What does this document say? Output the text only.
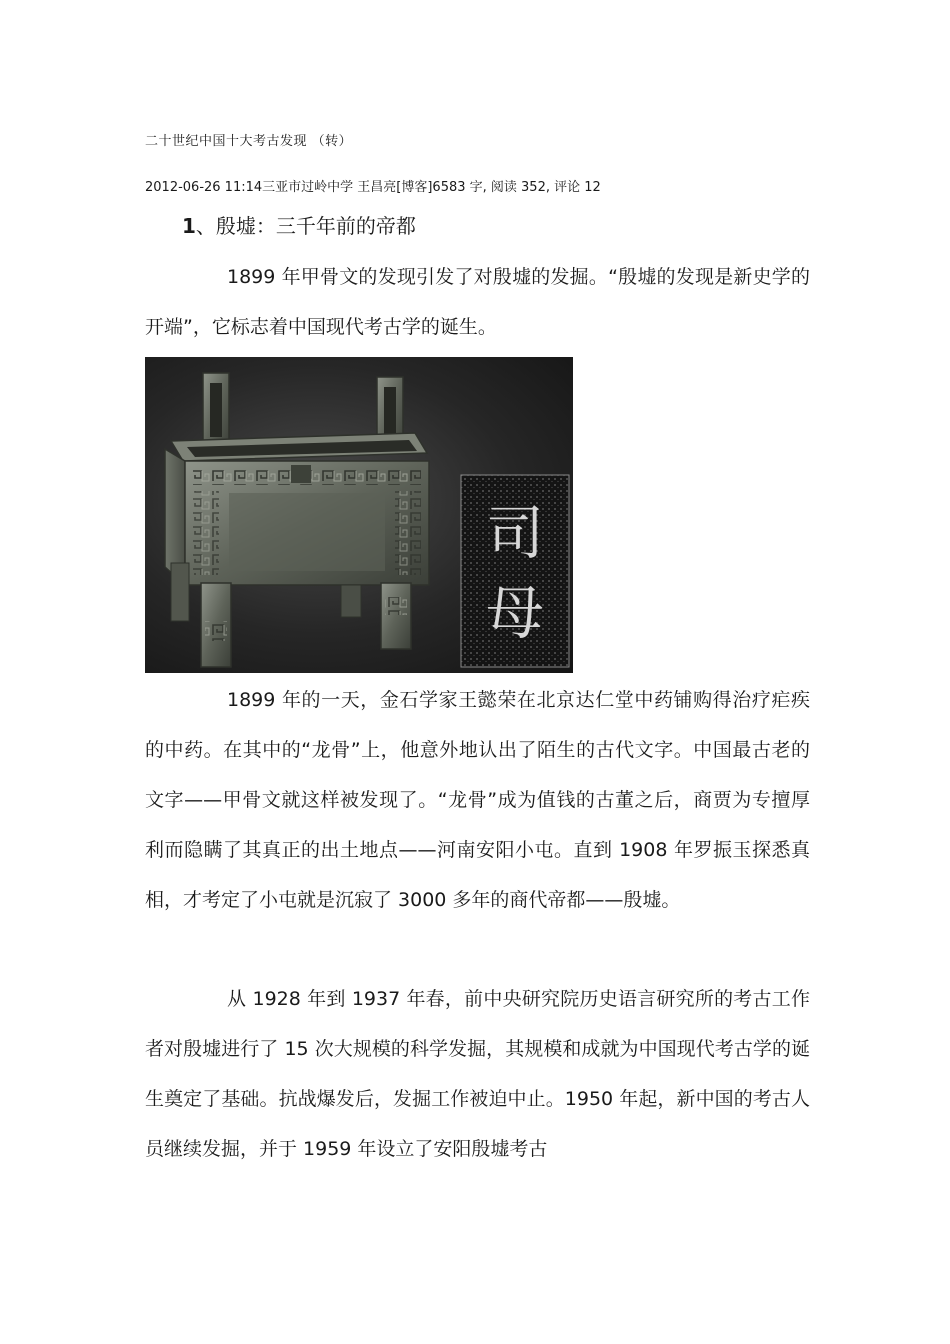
二十世纪中国十大考古发现 （转）
2012-06-26 11:14三亚市过岭中学 王昌亮[博客]6583 字, 阅读 352, 评论 12
1、殷墟：三千年前的帝都

1899 年甲骨文的发现引发了对殷墟的发掘。“殷墟的发现是新史学的开端”，它标志着中国现代考古学的诞生。

司
母

1899 年的一天，金石学家王懿荣在北京达仁堂中药铺购得治疗疟疾的中药。在其中的“龙骨”上，他意外地认出了陌生的古代文字。中国最古老的文字——甲骨文就这样被发现了。“龙骨”成为值钱的古董之后，商贾为专擅厚利而隐瞒了其真正的出土地点——河南安阳小屯。直到 1908 年罗振玉探悉真相，才考定了小屯就是沉寂了 3000 多年的商代帝都——殷墟。

从 1928 年到 1937 年春，前中央研究院历史语言研究所的考古工作者对殷墟进行了 15 次大规模的科学发掘，其规模和成就为中国现代考古学的诞生奠定了基础。抗战爆发后，发掘工作被迫中止。1950 年起，新中国的考古人员继续发掘，并于 1959 年设立了安阳殷墟考古
